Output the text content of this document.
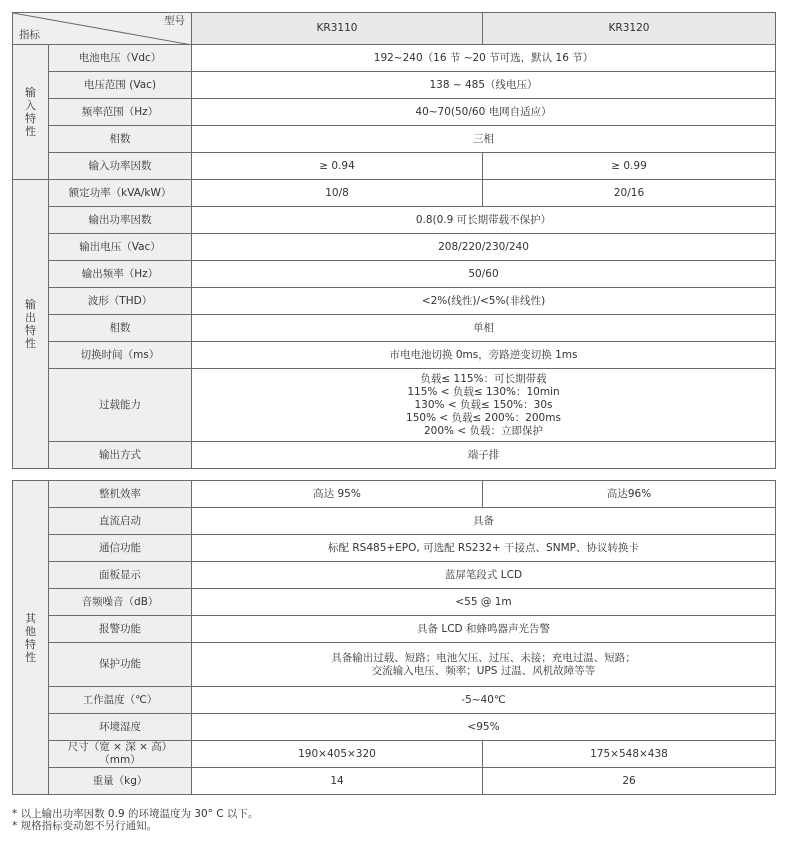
型号
指标		KR3110	KR3120
输入特性	电池电压（Vdc）	192~240（16 节 ~20 节可选，默认 16 节）	
	电压范围 (Vac)	138 ~ 485（线电压）	
	频率范围（Hz）	40~70(50/60 电网自适应）	
	相数	三相	
	输入功率因数	≥ 0.94	≥ 0.99
输出特性	额定功率（kVA/kW）	10/8	20/16
	输出功率因数	0.8(0.9 可长期带载不保护）	
	输出电压（Vac）	208/220/230/240	
	输出频率（Hz）	50/60	
	波形（THD）	<2%(线性)/<5%(非线性)	
	相数	单相	
	切换时间（ms）	市电电池切换 0ms，旁路逆变切换 1ms	
	过载能力	负载≤ 115%：可长期带载
115% < 负载≤ 130%：10min
130% < 负载≤ 150%：30s
150% < 负载≤ 200%：200ms
200% < 负载：立即保护	

	输出方式	端子排	
其他特性	整机效率	高达 95%	高达96%
	直流启动	具备	
	通信功能	标配 RS485+EPO, 可选配 RS232+ 干接点、SNMP、协议转换卡	
	面板显示	蓝屏笔段式 LCD	
	音频噪音（dB）	<55 @ 1m	
	报警功能	具备 LCD 和蜂鸣器声光告警	
	保护功能	具备输出过载、短路；电池欠压、过压、未接；充电过温、短路；
交流输入电压、频率；UPS 过温、风机故障等等	

	工作温度（℃）	-5~40℃	
	环境湿度	<95%	
	尺寸（宽 × 深 × 高）
（mm）	190×405×320	175×548×438
	重量（kg）	14	26
* 以上输出功率因数 0.9 的环境温度为 30° C 以下。
* 规格指标变动恕不另行通知。
